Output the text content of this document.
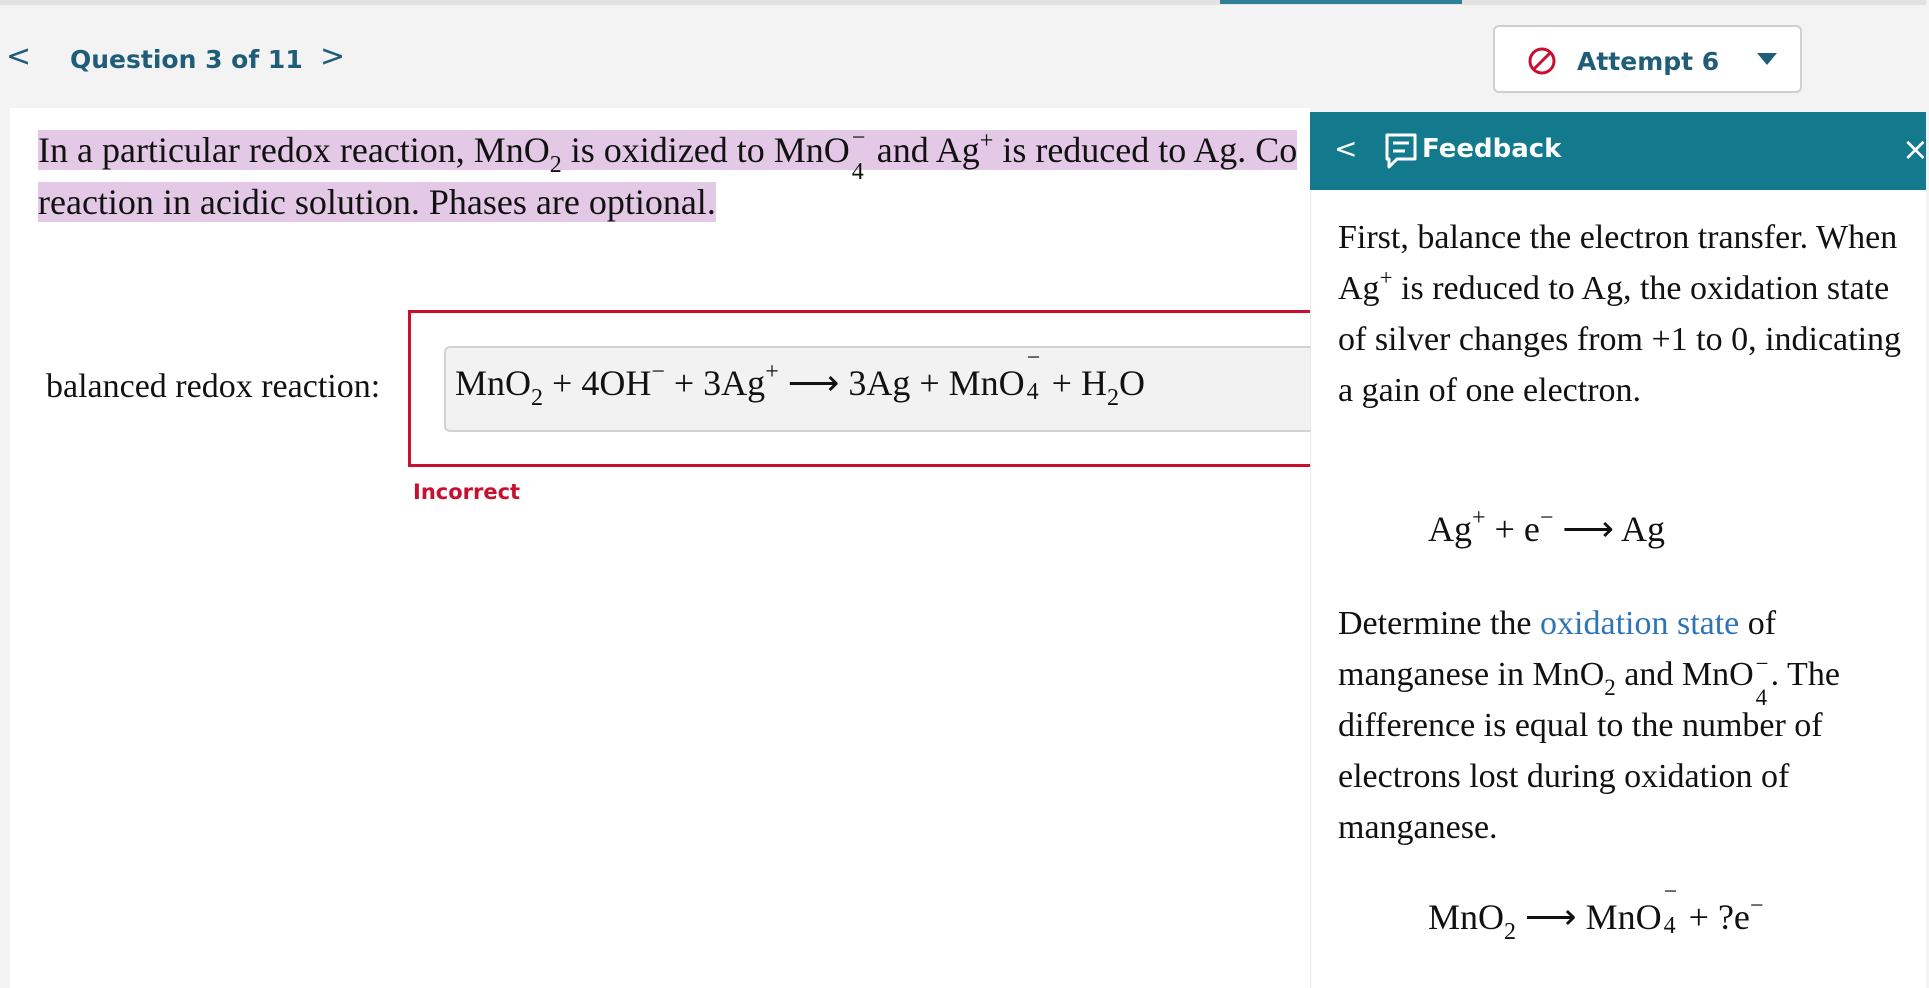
< Question 3 of 11 >	Attempt 6
In a particular redox reaction, MnO$_2$ is oxidized to MnO −
4
and Ag+ is reduced to Ag. Co
reaction in acidic solution. Phases are optional.
balanced redox reaction: MnO$_2$ + 4OH− + 3Ag+ ⟶ 3Ag + MnO
−
$4 + H_2O$
Incorrect
< Feedback	×
First, balance the electron transfer. When Ag+ is reduced to Ag, the oxidation state of silver changes from +1 to 0, indicating a gain of one electron.
Ag+ + e− ⟶ Ag
Determine the oxidation state of manganese in MnO$_2$ and MnO −
4
. The difference is equal to the number of electrons lost during oxidation of manganese.
MnO$_2$ ⟶ MnO
−
4 + ?e−
